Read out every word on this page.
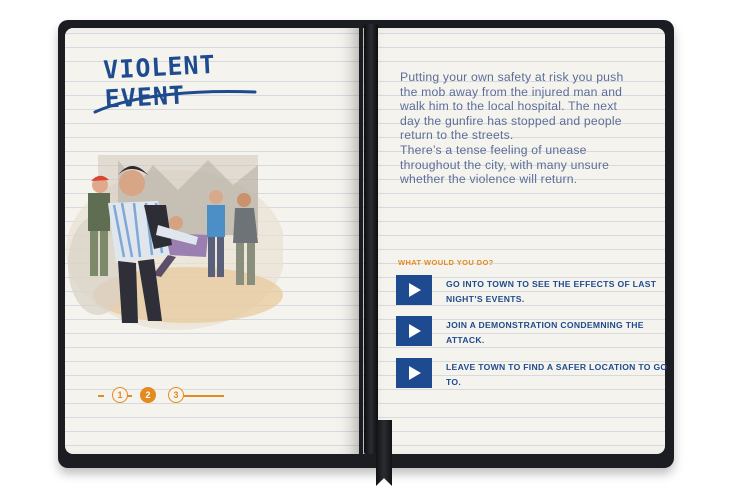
VIOLENT EVENT
1	2	3

Putting your own safety at risk you push the mob away from the injured man and walk him to the local hospital. The next day the gunfire has stopped and people return to the streets.

There’s a tense feeling of unease throughout the city, with many unsure whether the violence will return.

WHAT WOULD YOU DO?
GO INTO TOWN TO SEE THE EFFECTS OF LAST NIGHT’S EVENTS.
JOIN A DEMONSTRATION CONDEMNING THE ATTACK.
LEAVE TOWN TO FIND A SAFER LOCATION TO GO TO.
